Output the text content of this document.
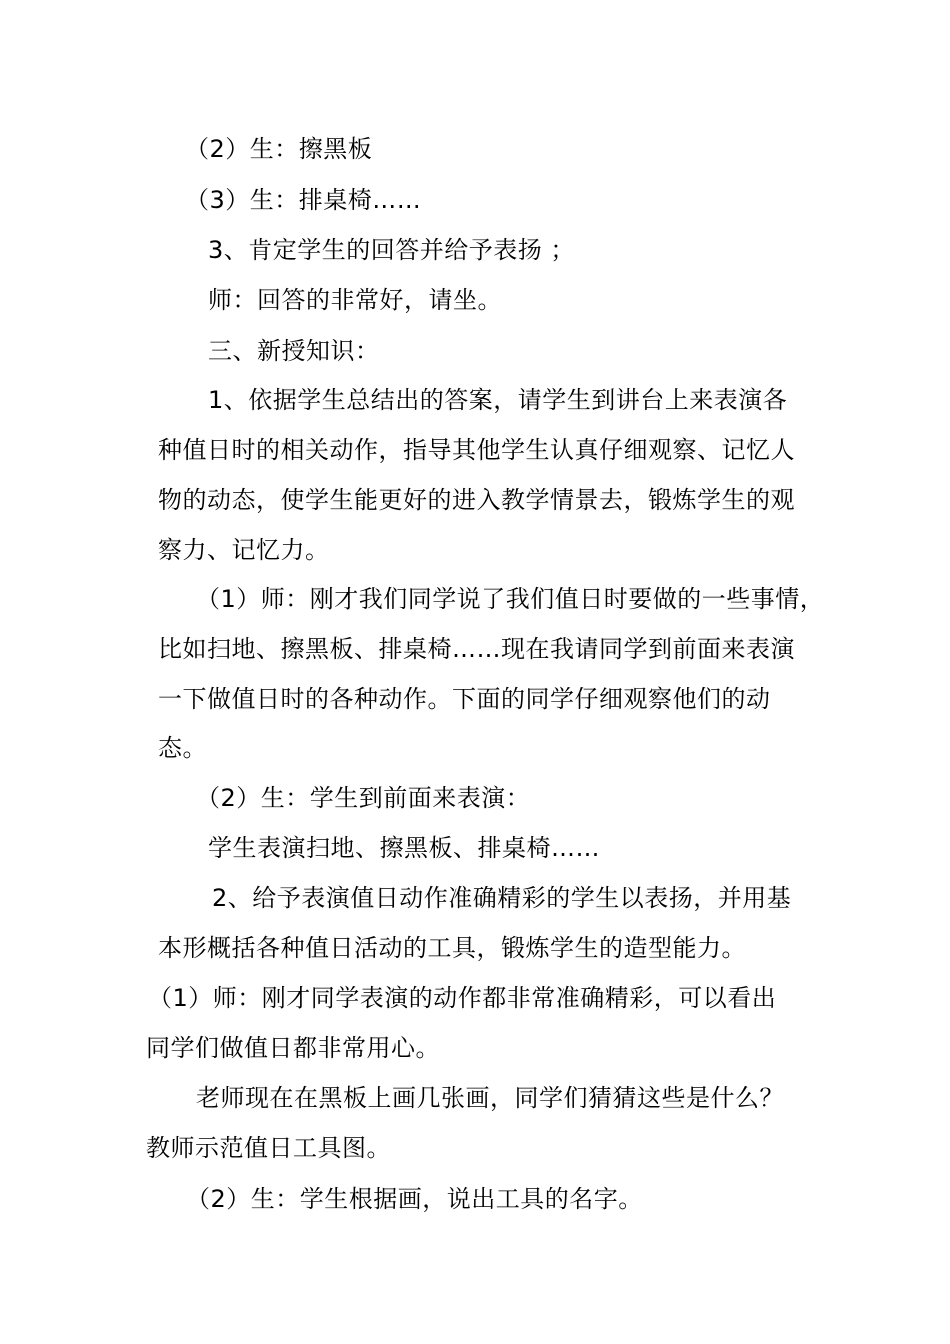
（2）生：擦黑板
（3）生：排桌椅……
3、肯定学生的回答并给予表扬 ；
师：回答的非常好，请坐。
三、新授知识：
1、依据学生总结出的答案，请学生到讲台上来表演各
种值日时的相关动作，指导其他学生认真仔细观察、记忆人
物的动态，使学生能更好的进入教学情景去，锻炼学生的观
察力、记忆力。
（1）师：刚才我们同学说了我们值日时要做的一些事情，
比如扫地、擦黑板、排桌椅……现在我请同学到前面来表演
一下做值日时的各种动作。下面的同学仔细观察他们的动
态。
（2）生：学生到前面来表演：
学生表演扫地、擦黑板、排桌椅……
2、给予表演值日动作准确精彩的学生以表扬，并用基
本形概括各种值日活动的工具，锻炼学生的造型能力。
（1）师：刚才同学表演的动作都非常准确精彩，可以看出
同学们做值日都非常用心。
老师现在在黑板上画几张画，同学们猜猜这些是什么？
教师示范值日工具图。
（2）生：学生根据画，说出工具的名字。
